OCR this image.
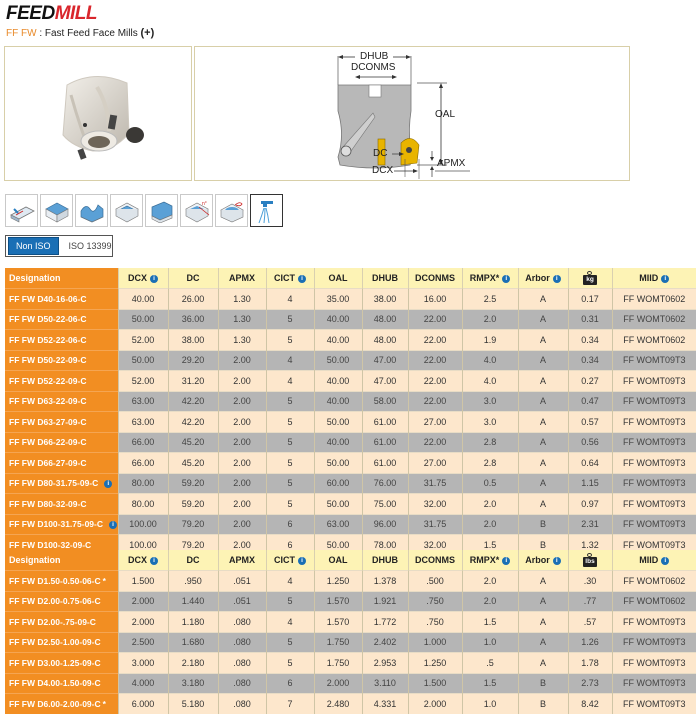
FEEDMILL
FF FW : Fast Feed Face Mills (+)
DHUB
DCONMS
OAL
DC
DCX
APMX
n°
Non ISO	ISO 13399
Designation	DCX i	DC	APMX	CICT i	OAL	DHUB	DCONMS	RMPX* i	Arbor i	kg	MIID i
FF FW D40-16-06-C	40.00	26.00	1.30	4	35.00	38.00	16.00	2.5	A	0.17	FF WOMT0602
FF FW D50-22-06-C	50.00	36.00	1.30	5	40.00	48.00	22.00	2.0	A	0.31	FF WOMT0602
FF FW D52-22-06-C	52.00	38.00	1.30	5	40.00	48.00	22.00	1.9	A	0.34	FF WOMT0602
FF FW D50-22-09-C	50.00	29.20	2.00	4	50.00	47.00	22.00	4.0	A	0.34	FF WOMT09T3
FF FW D52-22-09-C	52.00	31.20	2.00	4	40.00	47.00	22.00	4.0	A	0.27	FF WOMT09T3
FF FW D63-22-09-C	63.00	42.20	2.00	5	40.00	58.00	22.00	3.0	A	0.47	FF WOMT09T3
FF FW D63-27-09-C	63.00	42.20	2.00	5	50.00	61.00	27.00	3.0	A	0.57	FF WOMT09T3
FF FW D66-22-09-C	66.00	45.20	2.00	5	40.00	61.00	22.00	2.8	A	0.56	FF WOMT09T3
FF FW D66-27-09-C	66.00	45.20	2.00	5	50.00	61.00	27.00	2.8	A	0.64	FF WOMT09T3
FF FW D80-31.75-09-C i	80.00	59.20	2.00	5	60.00	76.00	31.75	0.5	A	1.15	FF WOMT09T3
FF FW D80-32-09-C	80.00	59.20	2.00	5	50.00	75.00	32.00	2.0	A	0.97	FF WOMT09T3
FF FW D100-31.75-09-C i	100.00	79.20	2.00	6	63.00	96.00	31.75	2.0	B	2.31	FF WOMT09T3
FF FW D100-32-09-C	100.00	79.20	2.00	6	50.00	78.00	32.00	1.5	B	1.32	FF WOMT09T3
Designation	DCX i	DC	APMX	CICT i	OAL	DHUB	DCONMS	RMPX* i	Arbor i	lbs	MIID i
FF FW D1.50-0.50-06-C *	1.500	.950	.051	4	1.250	1.378	.500	2.0	A	.30	FF WOMT0602
FF FW D2.00-0.75-06-C	2.000	1.440	.051	5	1.570	1.921	.750	2.0	A	.77	FF WOMT0602
FF FW D2.00-.75-09-C	2.000	1.180	.080	4	1.570	1.772	.750	1.5	A	.57	FF WOMT09T3
FF FW D2.50-1.00-09-C	2.500	1.680	.080	5	1.750	2.402	1.000	1.0	A	1.26	FF WOMT09T3
FF FW D3.00-1.25-09-C	3.000	2.180	.080	5	1.750	2.953	1.250	.5	A	1.78	FF WOMT09T3
FF FW D4.00-1.50-09-C	4.000	3.180	.080	6	2.000	3.110	1.500	1.5	B	2.73	FF WOMT09T3
FF FW D6.00-2.00-09-C *	6.000	5.180	.080	7	2.480	4.331	2.000	1.0	B	8.42	FF WOMT09T3
